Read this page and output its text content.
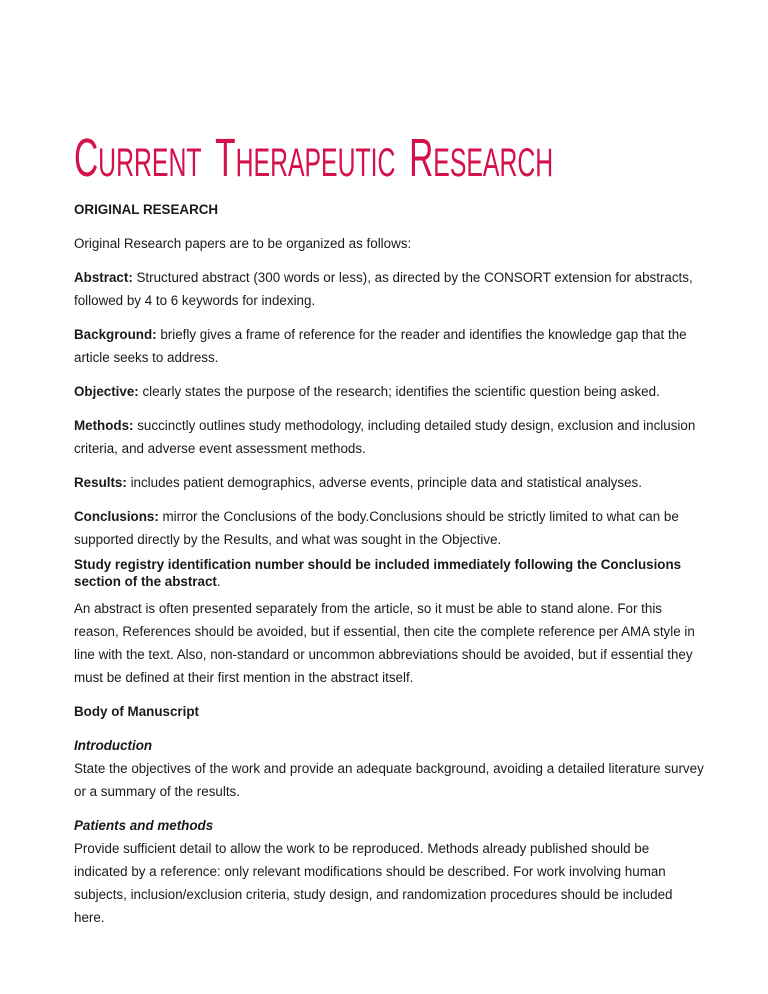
CURRENT THERAPEUTIC RESEARCH

ORIGINAL RESEARCH

Original Research papers are to be organized as follows:

Abstract: Structured abstract (300 words or less), as directed by the CONSORT extension for abstracts, followed by 4 to 6 keywords for indexing.

Background: briefly gives a frame of reference for the reader and identifies the knowledge gap that the article seeks to address.

Objective: clearly states the purpose of the research; identifies the scientific question being asked.

Methods: succinctly outlines study methodology, including detailed study design, exclusion and inclusion criteria, and adverse event assessment methods.

Results: includes patient demographics, adverse events, principle data and statistical analyses.

Conclusions: mirror the Conclusions of the body.Conclusions should be strictly limited to what can be supported directly by the Results, and what was sought in the Objective.

Study registry identification number should be included immediately following the Conclusions section of the abstract.

An abstract is often presented separately from the article, so it must be able to stand alone. For this reason, References should be avoided, but if essential, then cite the complete reference per AMA style in line with the text. Also, non-standard or uncommon abbreviations should be avoided, but if essential they must be defined at their first mention in the abstract itself.

Body of Manuscript

Introduction

State the objectives of the work and provide an adequate background, avoiding a detailed literature survey or a summary of the results.

Patients and methods

Provide sufficient detail to allow the work to be reproduced. Methods already published should be indicated by a reference: only relevant modifications should be described. For work involving human subjects, inclusion/exclusion criteria, study design, and randomization procedures should be included here.
